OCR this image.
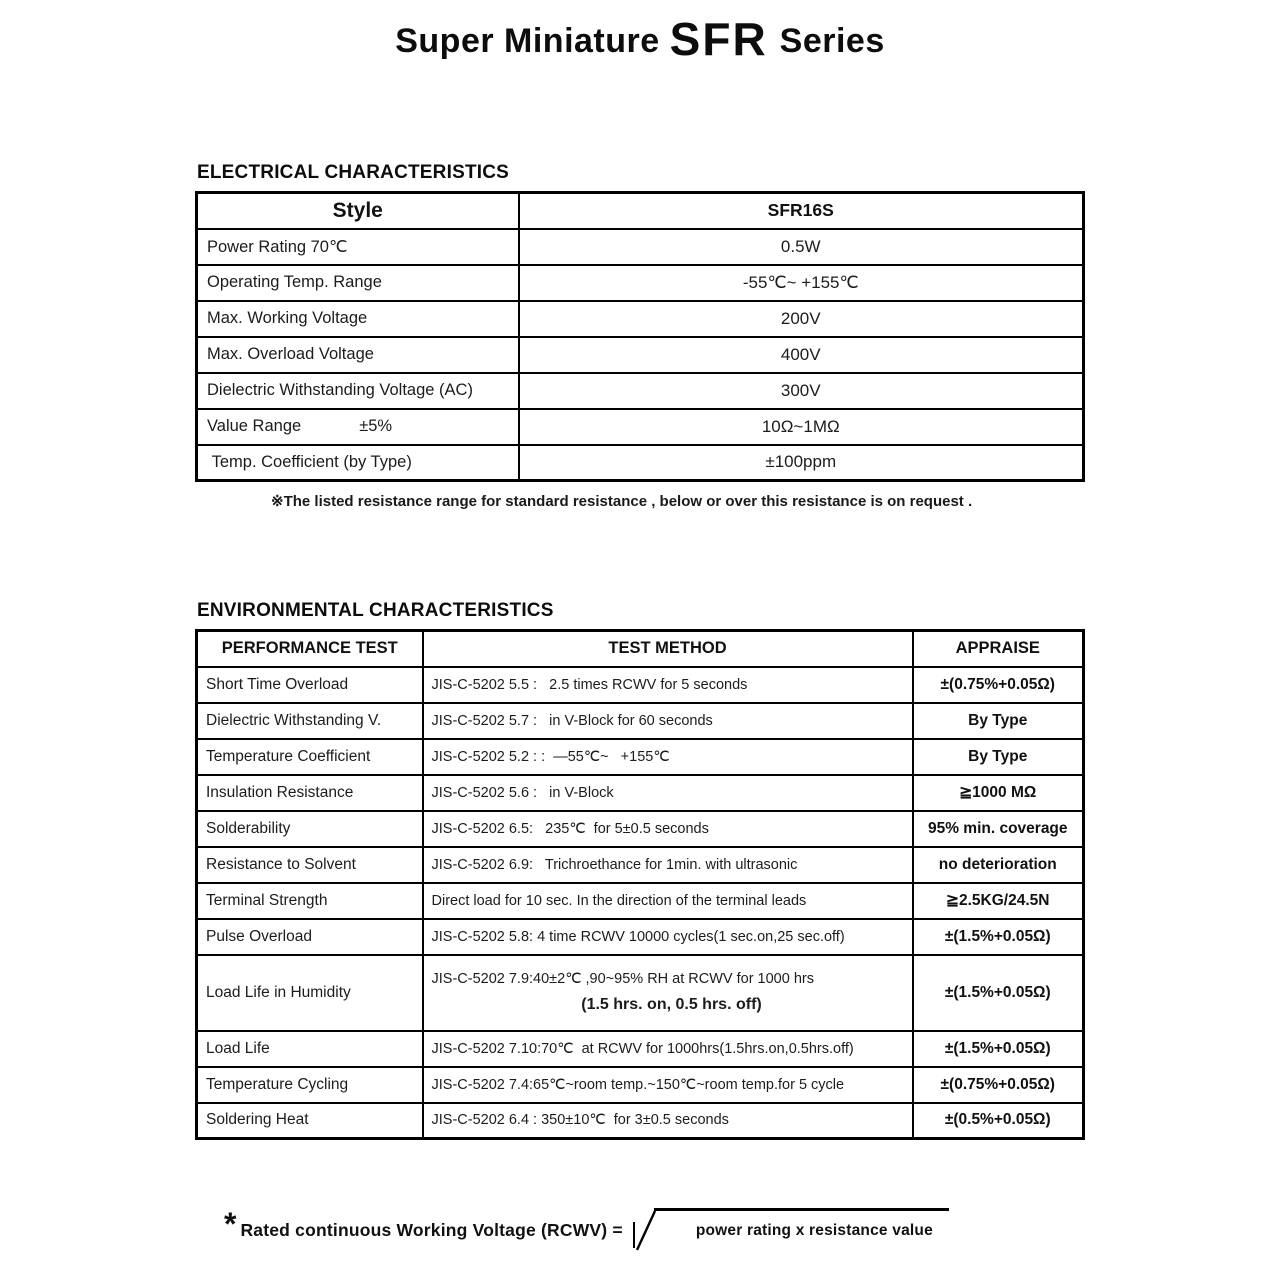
Super Miniature SFR Series
ELECTRICAL CHARACTERISTICS
Style	SFR16S
Power Rating 70℃	0.5W
Operating Temp. Range	-55℃~ +155℃
Max. Working Voltage	200V
Max. Overload Voltage	400V
Dielectric Withstanding Voltage (AC)	300V
Value Range ±5%	10Ω~1MΩ
Temp. Coefficient (by Type)	±100ppm

※The listed resistance range for standard resistance , below or over this resistance is on request .

ENVIRONMENTAL CHARACTERISTICS
PERFORMANCE TEST	TEST METHOD	APPRAISE
Short Time Overload	JIS-C-5202 5.5 :   2.5 times RCWV for 5 seconds	±(0.75%+0.05Ω)
Dielectric Withstanding V.	JIS-C-5202 5.7 :   in V-Block for 60 seconds	By Type
Temperature Coefficient	JIS-C-5202 5.2 : :  —55℃~   +155℃	By Type
Insulation Resistance	JIS-C-5202 5.6 :   in V-Block	≧1000 MΩ
Solderability	JIS-C-5202 6.5:   235℃  for 5±0.5 seconds	95% min. coverage
Resistance to Solvent	JIS-C-5202 6.9:   Trichroethance for 1min. with ultrasonic	no deterioration
Terminal Strength	Direct load for 10 sec. In the direction of the terminal leads	≧2.5KG/24.5N
Pulse Overload	JIS-C-5202 5.8: 4 time RCWV 10000 cycles(1 sec.on,25 sec.off)	±(1.5%+0.05Ω)
Load Life in Humidity	JIS-C-5202 7.9:40±2℃ ,90~95% RH at RCWV for 1000 hrs
(1.5 hrs. on, 0.5 hrs. off)	±(1.5%+0.05Ω)
Load Life	JIS-C-5202 7.10:70℃  at RCWV for 1000hrs(1.5hrs.on,0.5hrs.off)	±(1.5%+0.05Ω)
Temperature Cycling	JIS-C-5202 7.4:65℃~room temp.~150℃~room temp.for 5 cycle	±(0.75%+0.05Ω)
Soldering Heat	JIS-C-5202 6.4 : 350±10℃  for 3±0.5 seconds	±(0.5%+0.05Ω)
* Rated continuous Working Voltage (RCWV) =	power rating x resistance value
